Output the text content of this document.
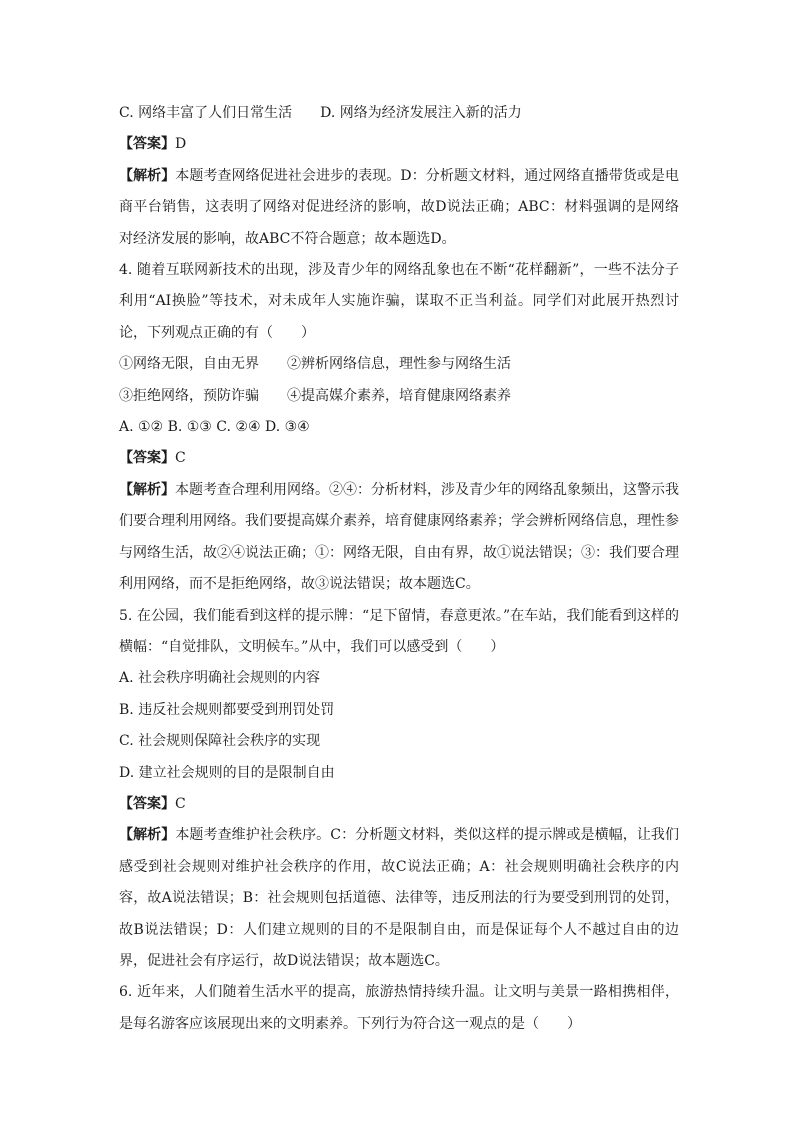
C. 网络丰富了人们日常生活　　D. 网络为经济发展注入新的活力

【答案】D

【解析】本题考查网络促进社会进步的表现。D：分析题文材料，通过网络直播带货或是电商平台销售，这表明了网络对促进经济的影响，故D说法正确；ABC：材料强调的是网络对经济发展的影响，故ABC不符合题意；故本题选D。

4. 随着互联网新技术的出现，涉及青少年的网络乱象也在不断“花样翻新”，一些不法分子利用“AI换脸”等技术，对未成年人实施诈骗，谋取不正当利益。同学们对此展开热烈讨论，下列观点正确的有（　　）

①网络无限，自由无界　　②辨析网络信息，理性参与网络生活

③拒绝网络，预防诈骗　　④提高媒介素养，培育健康网络素养

A. ①② B. ①③ C. ②④ D. ③④

【答案】C

【解析】本题考查合理利用网络。②④：分析材料，涉及青少年的网络乱象频出，这警示我们要合理利用网络。我们要提高媒介素养，培育健康网络素养；学会辨析网络信息，理性参与网络生活，故②④说法正确；①：网络无限，自由有界，故①说法错误；③：我们要合理利用网络，而不是拒绝网络，故③说法错误；故本题选C。

5. 在公园，我们能看到这样的提示牌：“足下留情，春意更浓。”在车站，我们能看到这样的横幅：“自觉排队，文明候车。”从中，我们可以感受到（　　）

A. 社会秩序明确社会规则的内容

B. 违反社会规则都要受到刑罚处罚

C. 社会规则保障社会秩序的实现

D. 建立社会规则的目的是限制自由

【答案】C

【解析】本题考查维护社会秩序。C：分析题文材料，类似这样的提示牌或是横幅，让我们感受到社会规则对维护社会秩序的作用，故C说法正确；A：社会规则明确社会秩序的内容，故A说法错误；B：社会规则包括道德、法律等，违反刑法的行为要受到刑罚的处罚，故B说法错误；D：人们建立规则的目的不是限制自由，而是保证每个人不越过自由的边界，促进社会有序运行，故D说法错误；故本题选C。

6. 近年来，人们随着生活水平的提高，旅游热情持续升温。让文明与美景一路相携相伴，是每名游客应该展现出来的文明素养。下列行为符合这一观点的是（　　）
